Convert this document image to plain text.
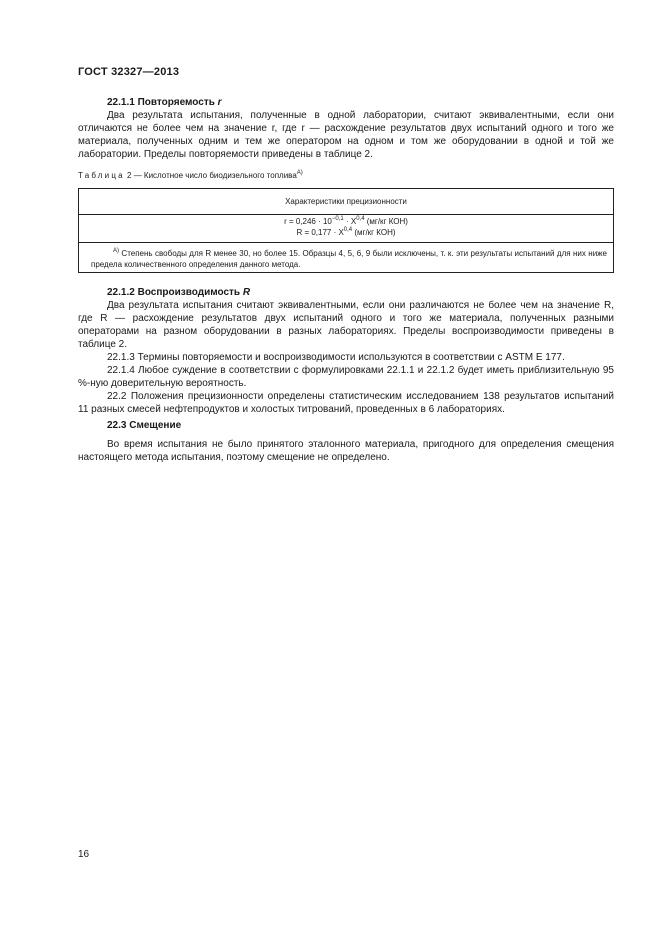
ГОСТ 32327—2013

22.1.1 Повторяемость r

Два результата испытания, полученные в одной лаборатории, считают эквивалентными, если они отличаются не более чем на значение r, где r — расхождение результатов двух испытаний одного и того же материала, полученных одним и тем же оператором на одном и том же оборудовании в одной и той же лаборатории. Пределы повторяемости приведены в таблице 2.

Таблица 2 — Кислотное число биодизельного топлива$^{A)}$
Характеристики прецизионности
$r = 0,246 \cdot 10^{-0,1} \cdot X^{0,4}$ (мг/кг КОН)
R = 0,177 · X$^{0,4}$ (мг/кг КОН)
$^{A)}$ Степень свободы для R менее 30, но более 15. Образцы 4, 5, 6, 9 были исключены, т. к. эти результаты испытаний для них ниже предела количественного определения данного метода.

22.1.2 Воспроизводимость R

Два результата испытания считают эквивалентными, если они различаются не более чем на значение R, где R — расхождение результатов двух испытаний одного и того же материала, полученных разными операторами на разном оборудовании в разных лабораториях. Пределы воспроизводимости приведены в таблице 2.

22.1.3 Термины повторяемости и воспроизводимости используются в соответствии с ASTM E 177.

22.1.4 Любое суждение в соответствии с формулировками 22.1.1 и 22.1.2 будет иметь приблизительную 95 %-ную доверительную вероятность.

22.2 Положения прецизионности определены статистическим исследованием 138 результатов испытаний 11 разных смесей нефтепродуктов и холостых титрований, проведенных в 6 лабораториях.

22.3 Смещение

Во время испытания не было принятого эталонного материала, пригодного для определения смещения настоящего метода испытания, поэтому смещение не определено.

16
